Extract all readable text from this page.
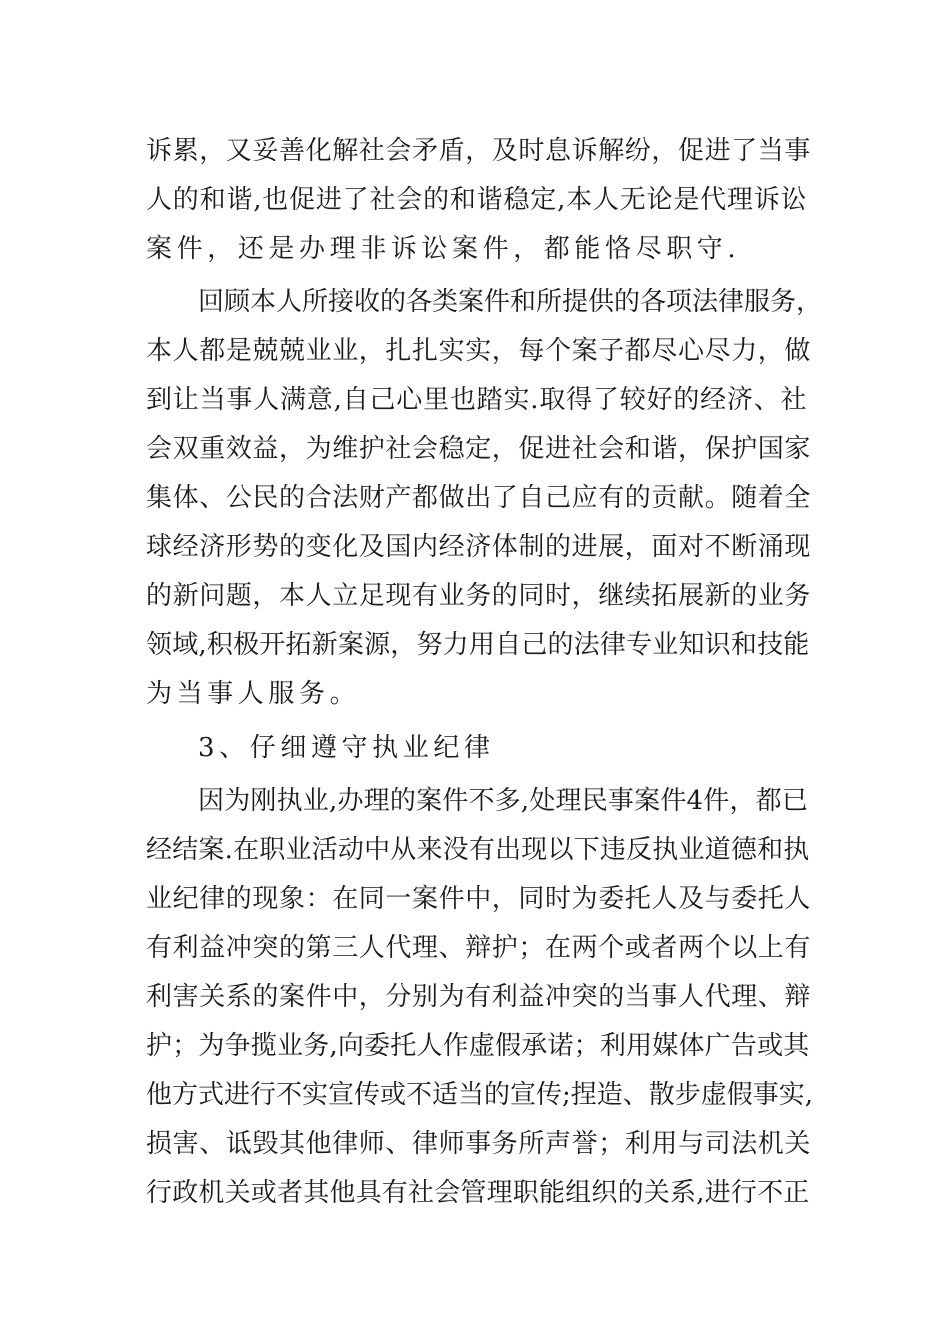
诉累，又妥善化解社会矛盾，及时息诉解纷，促进了当事
人的和谐,也促进了社会的和谐稳定,本人无论是代理诉讼
案件，还是办理非诉讼案件，都能恪尽职守.
回顾本人所接收的各类案件和所提供的各项法律服务，
本人都是兢兢业业，扎扎实实，每个案子都尽心尽力，做
到让当事人满意,自己心里也踏实.取得了较好的经济、社
会双重效益，为维护社会稳定，促进社会和谐，保护国家
集体、公民的合法财产都做出了自己应有的贡献。随着全
球经济形势的变化及国内经济体制的进展，面对不断涌现
的新问题，本人立足现有业务的同时，继续拓展新的业务
领域,积极开拓新案源，努力用自己的法律专业知识和技能
为当事人服务。
3、仔细遵守执业纪律
因为刚执业,办理的案件不多,处理民事案件4件，都已
经结案.在职业活动中从来没有出现以下违反执业道德和执
业纪律的现象：在同一案件中，同时为委托人及与委托人
有利益冲突的第三人代理、辩护；在两个或者两个以上有
利害关系的案件中，分别为有利益冲突的当事人代理、辩
护；为争揽业务,向委托人作虚假承诺；利用媒体广告或其
他方式进行不实宣传或不适当的宣传;捏造、散步虚假事实,
损害、诋毁其他律师、律师事务所声誉；利用与司法机关
行政机关或者其他具有社会管理职能组织的关系,进行不正
